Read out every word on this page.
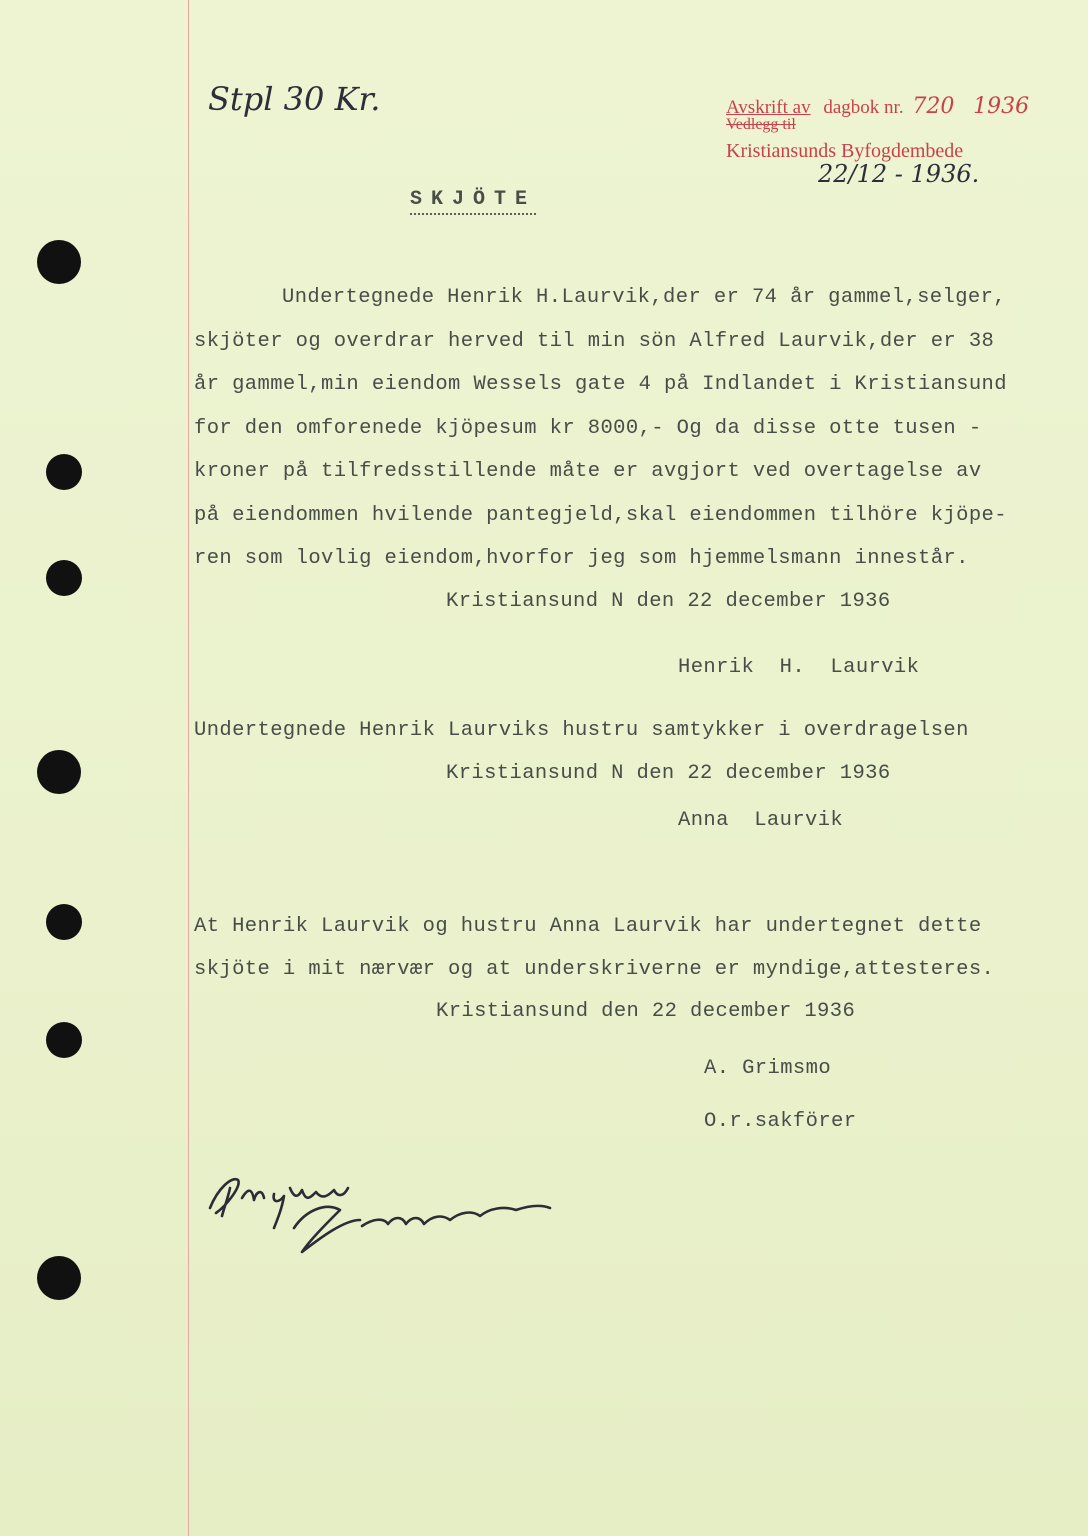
Stpl 30 Kr.	Avskrift av dagbok nr. 720 1936
Vedlegg til
Kristiansunds Byfogdembede
22/12 - 1936.
SKJÖTE
Undertegnede Henrik H.Laurvik,der er 74 år gammel,selger,
skjöter og overdrar herved til min sön Alfred Laurvik,der er 38
år gammel,min eiendom Wessels gate 4 på Indlandet i Kristiansund
for den omforenede kjöpesum kr 8000,- Og da disse otte tusen -
kroner på tilfredsstillende måte er avgjort ved overtagelse av
på eiendommen hvilende pantegjeld,skal eiendommen tilhöre kjöpe-
ren som lovlig eiendom,hvorfor jeg som hjemmelsmann innestår.
Kristiansund N den 22 december 1936
Henrik  H.  Laurvik
Undertegnede Henrik Laurviks hustru samtykker i overdragelsen
Kristiansund N den 22 december 1936
Anna  Laurvik
At Henrik Laurvik og hustru Anna Laurvik har undertegnet dette
skjöte i mit nærvær og at underskriverne er myndige,attesteres.
Kristiansund den 22 december 1936
A. Grimsmo
O.r.sakförer
